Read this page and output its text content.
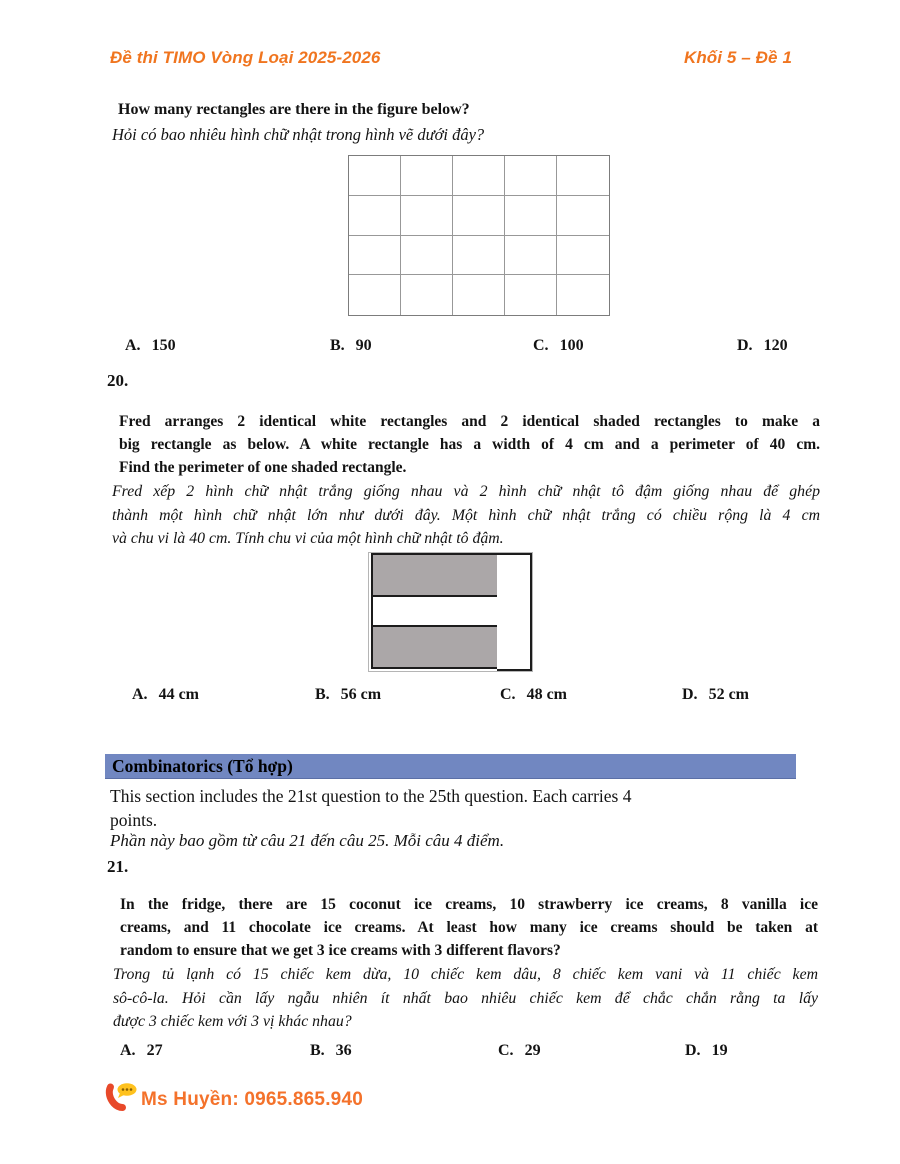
Đề thi TIMO Vòng Loại 2025-2026	Khối 5 – Đề 1
How many rectangles are there in the figure below?
Hỏi có bao nhiêu hình chữ nhật trong hình vẽ dưới đây?
A. 150	B. 90	C. 100	D. 120
20.
Fred arranges 2 identical white rectangles and 2 identical shaded rectangles to make a
big rectangle as below. A white rectangle has a width of 4 cm and a perimeter of 40 cm.
Find the perimeter of one shaded rectangle.
Fred xếp 2 hình chữ nhật trắng giống nhau và 2 hình chữ nhật tô đậm giống nhau để ghép
thành một hình chữ nhật lớn như dưới đây. Một hình chữ nhật trắng có chiều rộng là 4 cm
và chu vi là 40 cm. Tính chu vi của một hình chữ nhật tô đậm.
A. 44 cm	B. 56 cm	C. 48 cm	D. 52 cm
Combinatorics (Tổ hợp)
This section includes the 21st question to the 25th question. Each carries 4
points.
Phần này bao gồm từ câu 21 đến câu 25. Mỗi câu 4 điểm.
21.
In the fridge, there are 15 coconut ice creams, 10 strawberry ice creams, 8 vanilla ice
creams, and 11 chocolate ice creams. At least how many ice creams should be taken at
random to ensure that we get 3 ice creams with 3 different flavors?
Trong tủ lạnh có 15 chiếc kem dừa, 10 chiếc kem dâu, 8 chiếc kem vani và 11 chiếc kem
sô-cô-la. Hỏi cần lấy ngẫu nhiên ít nhất bao nhiêu chiếc kem để chắc chắn rằng ta lấy
được 3 chiếc kem với 3 vị khác nhau?
A. 27	B. 36	C. 29	D. 19
Ms Huyền: 0965.865.940
